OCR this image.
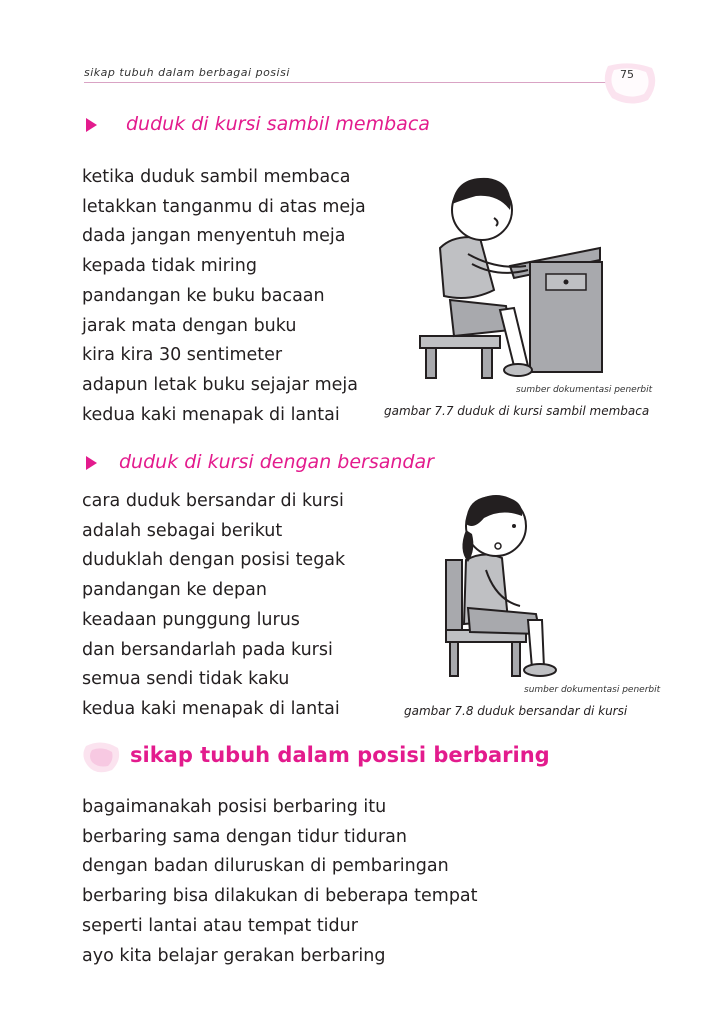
sikap tubuh dalam berbagai posisi	75
duduk di kursi sambil membaca
ketika duduk sambil membaca
letakkan tanganmu di atas meja
dada jangan menyentuh meja
kepada tidak miring
pandangan ke buku bacaan
jarak mata dengan buku
kira kira 30 sentimeter
adapun letak buku sejajar meja
kedua kaki menapak di lantai
sumber dokumentasi penerbit
gambar 7.7 duduk di kursi sambil membaca
duduk di kursi dengan bersandar
cara duduk bersandar di kursi
adalah sebagai berikut
duduklah dengan posisi tegak
pandangan ke depan
keadaan punggung lurus
dan bersandarlah pada kursi
semua sendi tidak kaku
kedua kaki menapak di lantai
sumber dokumentasi penerbit
gambar 7.8 duduk bersandar di kursi
sikap tubuh dalam posisi berbaring
bagaimanakah posisi berbaring itu
berbaring sama dengan tidur tiduran
dengan badan diluruskan di pembaringan
berbaring bisa dilakukan di beberapa tempat
seperti lantai atau tempat tidur
ayo kita belajar gerakan berbaring
